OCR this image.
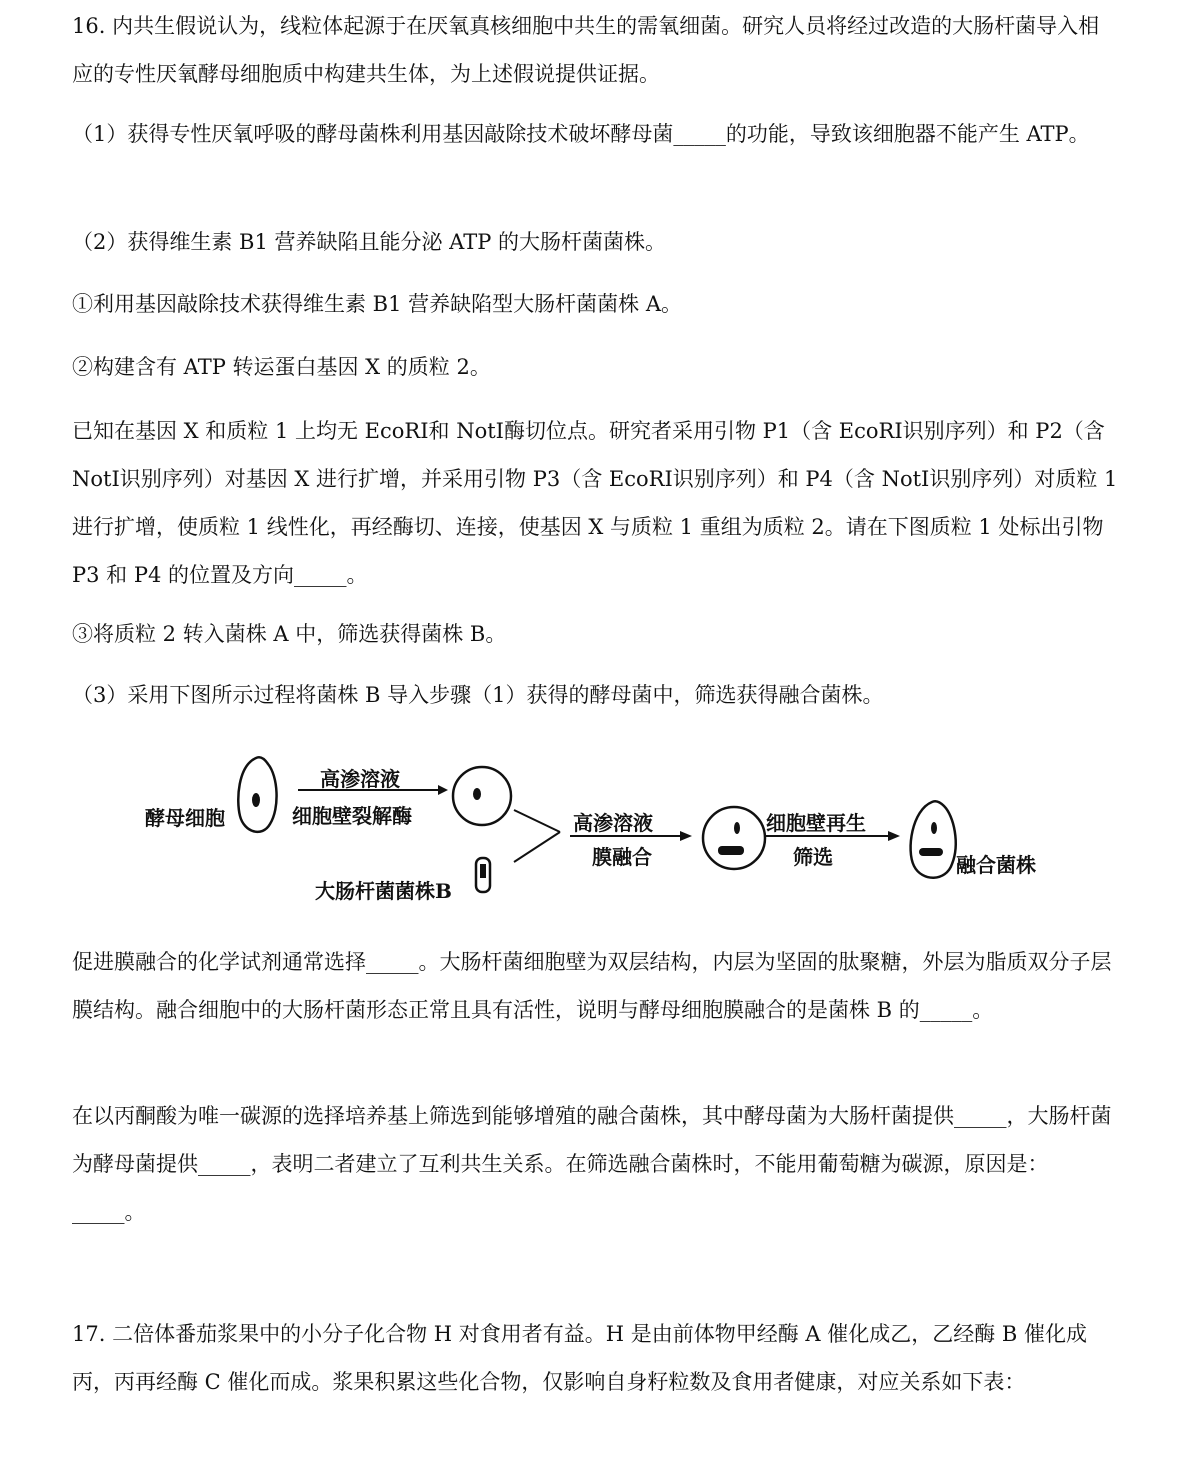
16. 内共生假说认为，线粒体起源于在厌氧真核细胞中共生的需氧细菌。研究人员将经过改造的大肠杆菌导入相应的专性厌氧酵母细胞质中构建共生体，为上述假说提供证据。

（1）获得专性厌氧呼吸的酵母菌株利用基因敲除技术破坏酵母菌_____的功能，导致该细胞器不能产生 ATP。

（2）获得维生素 B1 营养缺陷且能分泌 ATP 的大肠杆菌菌株。

①利用基因敲除技术获得维生素 B1 营养缺陷型大肠杆菌菌株 A。

②构建含有 ATP 转运蛋白基因 X 的质粒 2。

已知在基因 X 和质粒 1 上均无 EcoRⅠ和 NotⅠ酶切位点。研究者采用引物 P1（含 EcoRⅠ识别序列）和 P2（含 NotⅠ识别序列）对基因 X 进行扩增，并采用引物 P3（含 EcoRⅠ识别序列）和 P4（含 NotⅠ识别序列）对质粒 1 进行扩增，使质粒 1 线性化，再经酶切、连接，使基因 X 与质粒 1 重组为质粒 2。请在下图质粒 1 处标出引物 P3 和 P4 的位置及方向_____。

③将质粒 2 转入菌株 A 中，筛选获得菌株 B。

（3）采用下图所示过程将菌株 B 导入步骤（1）获得的酵母菌中，筛选获得融合菌株。

酵母细胞
高渗溶液
细胞壁裂解酶
大肠杆菌菌株B
高渗溶液
膜融合
细胞壁再生
筛选	融合菌株

促进膜融合的化学试剂通常选择_____。大肠杆菌细胞壁为双层结构，内层为坚固的肽聚糖，外层为脂质双分子层膜结构。融合细胞中的大肠杆菌形态正常且具有活性，说明与酵母细胞膜融合的是菌株 B 的_____。

在以丙酮酸为唯一碳源的选择培养基上筛选到能够增殖的融合菌株，其中酵母菌为大肠杆菌提供_____，大肠杆菌为酵母菌提供_____，表明二者建立了互利共生关系。在筛选融合菌株时，不能用葡萄糖为碳源，原因是：_____。

17. 二倍体番茄浆果中的小分子化合物 H 对食用者有益。H 是由前体物甲经酶 A 催化成乙，乙经酶 B 催化成丙，丙再经酶 C 催化而成。浆果积累这些化合物，仅影响自身籽粒数及食用者健康，对应关系如下表：
